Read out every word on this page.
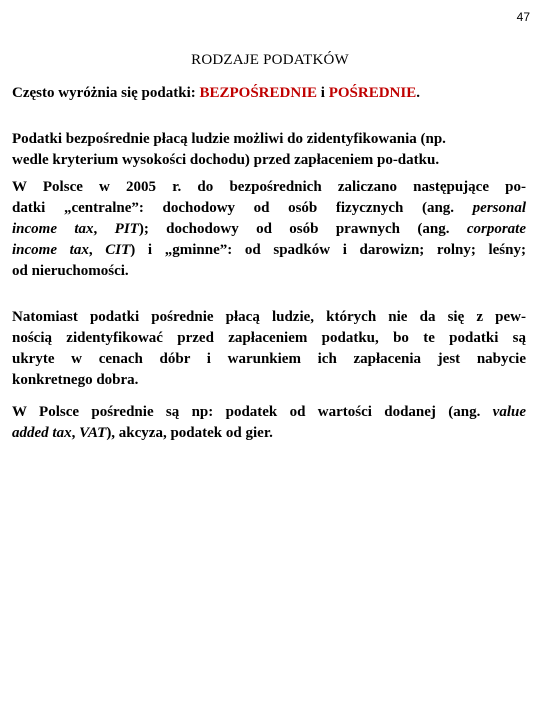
47
RODZAJE PODATKÓW
Często wyróżnia się podatki: BEZPOŚREDNIE i POŚREDNIE.
Podatki bezpośrednie płacą ludzie możliwi do zidentyfikowania (np.
wedle kryterium wysokości dochodu) przed zapłaceniem po-datku.
W Polsce w 2005 r. do bezpośrednich zaliczano następujące po-
datki „centralne”: dochodowy od osób fizycznych (ang. personal
income tax, PIT); dochodowy od osób prawnych (ang. corporate
income tax, CIT) i „gminne”: od spadków i darowizn; rolny; leśny;
od nieruchomości.
Natomiast podatki pośrednie płacą ludzie, których nie da się z pew-
nością zidentyfikować przed zapłaceniem podatku, bo te podatki są
ukryte w cenach dóbr i warunkiem ich zapłacenia jest nabycie
konkretnego dobra.
W Polsce pośrednie są np: podatek od wartości dodanej (ang. value
added tax, VAT), akcyza, podatek od gier.
